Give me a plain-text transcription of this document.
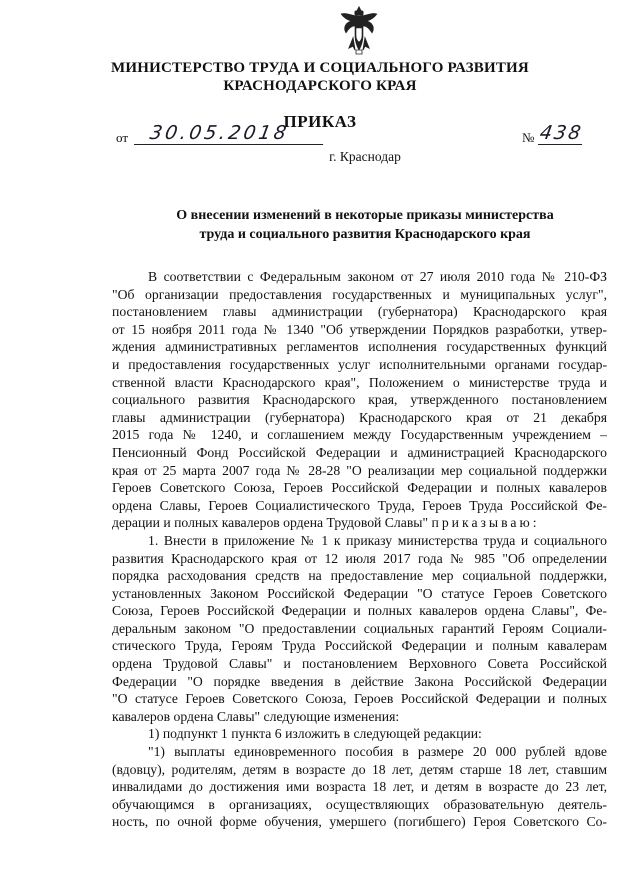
МИНИСТЕРСТВО ТРУДА И СОЦИАЛЬНОГО РАЗВИТИЯ
КРАСНОДАРСКОГО КРАЯ
ПРИКАЗ
от	30.05.2018	№ 438
г. Краснодар
О внесении изменений в некоторые приказы министерства
труда и социального развития Краснодарского края
В соответствии с Федеральным законом от 27 июля 2010 года № 210-ФЗ
"Об организации предоставления государственных и муниципальных услуг",
постановлением главы администрации (губернатора) Краснодарского края
от 15 ноября 2011 года № 1340 "Об утверждении Порядков разработки, утвер-
ждения административных регламентов исполнения государственных функций
и предоставления государственных услуг исполнительными органами государ-
ственной власти Краснодарского края", Положением о министерстве труда и
социального развития Краснодарского края, утвержденного постановлением
главы администрации (губернатора) Краснодарского края от 21 декабря
2015 года № 1240, и соглашением между Государственным учреждением –
Пенсионный Фонд Российской Федерации и администрацией Краснодарского
края от 25 марта 2007 года № 28-28 "О реализации мер социальной поддержки
Героев Советского Союза, Героев Российской Федерации и полных кавалеров
ордена Славы, Героев Социалистического Труда, Героев Труда Российской Фе-
дерации и полных кавалеров ордена Трудовой Славы" приказываю:
1. Внести в приложение № 1 к приказу министерства труда и социального
развития Краснодарского края от 12 июля 2017 года № 985 "Об определении
порядка расходования средств на предоставление мер социальной поддержки,
установленных Законом Российской Федерации "О статусе Героев Советского
Союза, Героев Российской Федерации и полных кавалеров ордена Славы", Фе-
деральным законом "О предоставлении социальных гарантий Героям Социали-
стического Труда, Героям Труда Российской Федерации и полным кавалерам
ордена Трудовой Славы" и постановлением Верховного Совета Российской
Федерации "О порядке введения в действие Закона Российской Федерации
"О статусе Героев Советского Союза, Героев Российской Федерации и полных
кавалеров ордена Славы" следующие изменения:
1) подпункт 1 пункта 6 изложить в следующей редакции:
"1) выплаты единовременного пособия в размере 20 000 рублей вдове
(вдовцу), родителям, детям в возрасте до 18 лет, детям старше 18 лет, ставшим
инвалидами до достижения ими возраста 18 лет, и детям в возрасте до 23 лет,
обучающимся в организациях, осуществляющих образовательную деятель-
ность, по очной форме обучения, умершего (погибшего) Героя Советского Со-
